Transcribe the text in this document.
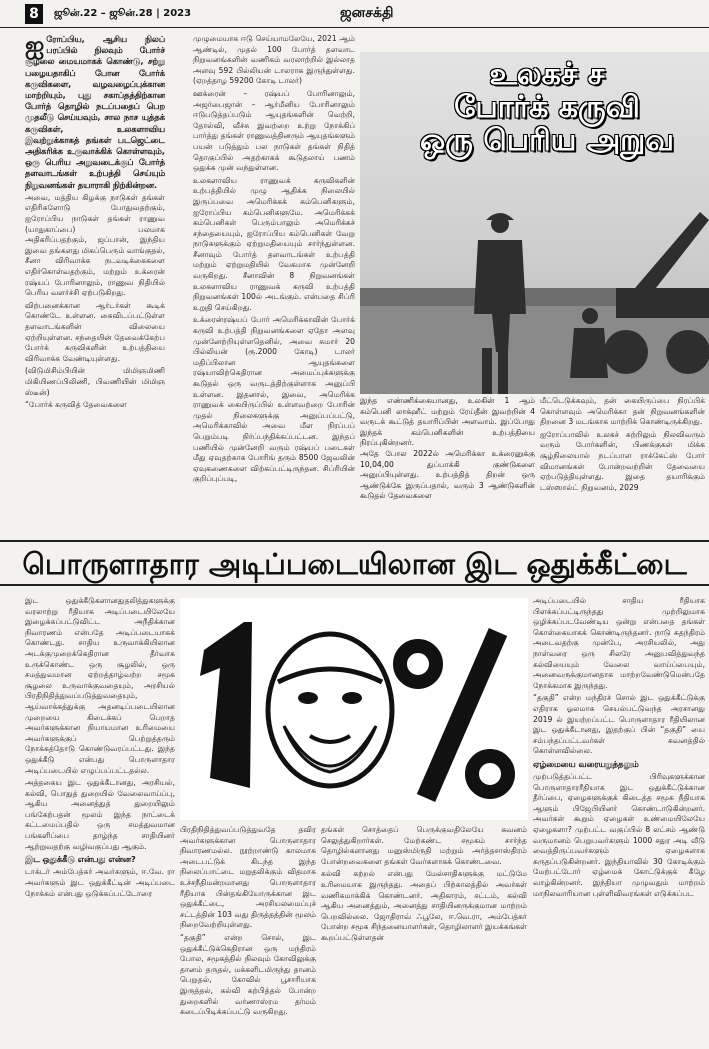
8	ஜூன்.22 – ஜூன்.28 | 2023	ஜனசக்தி

ஐரோப்பிய, ஆசிய நிலப் பரப்பில் நிலவும் போர்ச் சூழலை மையமாகக் கொண்டு, சற்று பழையதாகிப் போன போர்க் கருவிகளை, வழவழைப்புக்கான மாற்றியும், புது சகாப்தத்திற்கான போர்த் தொழில் நடப்பதைப் பெற முதலீடு செய்யவும், சால நாச யுத்தக் கருவிகள், உலகளாவிய இவற்றுக்காகத் தங்கள் படஜெட்டை அதிகரிக்க உருவாக்கிக் கொள்ளவும், ஒரு பெரிய அறுவடைக்குப் போர்த் தளவாடங்கள் உற்பத்தி செய்யும் நிறுவனங்கள் தயாராகி நிற்கின்றன.

அவை, மத்திய கிழக்கு நாடுகள் தங்கள் எதிரிகளோடு போதுவதற்கும், ஐரோப்பிய நாடுகள் தங்கள் ராணுவ (யாதுகாப்பை) பலமாக அதிகரிப்பதற்கும், ஜப்பான், இந்திய இவை தங்களது மிகப்பெரும் வாங்குதல், சீனா விரிவாக்க நடவடிக்கைகளை எதிர்கொள்வதற்கும், மற்றும் உக்ரைன் ரஷ்யப் போரினாலும், ராணுவ நிதியில் பெரிய வளர்ச்சி ஏற்படுகிறது.

விற்பனைக்கான ஆர்டர்கள் கூடிக் கொண்டே உள்ளன. கைவிடப்பட்டுள்ள தளவாடங்களின் விலையை ஏற்றியுள்ளன. சந்தையின் தேவைக்கேற்ப போர்க் கருவிகளின் உற்பத்தியை விரிவாக்க வேண்டியுள்ளது.

(விடுமிசிம்பியின் மிமிஞமிணி மிகியிணப்பிலிணி, பிவணியின் மிமிஞ ஸ்டீன்)

“போர்க் கருவித் தேவைகளை

முழுமையாக ஈடு செய்யாமலேயே, 2021 ஆம் ஆண்டில், முதல் 100 போர்த் தளவாட நிறுவனங்களின் வணிகம் வரலாற்றில் இல்லாத அளவு 592 பில்லியன் டாலராக இருந்துள்ளது. (ஏறத்தாழ 59200 கோடி டாலர்)

ஊக்ரைன் – ரஷ்யப் போரினாலும், அஜர்பைஜான் – ஆர்மீனிய போரினாலும் ஈடுபடுத்தப்படும் ஆயுதங்களின் வெற்றி, தோல்வி, வீச்சு இவற்றை உற்று நோக்கிப் பார்த்து தங்கள் ராணுவத்தினரும் ஆயுதங்களும் பயன் படுத்தும் பல நாடுகள் தங்கள் நிதித் தொகுப்பில் அதற்காகக் கூடுதலாய் பணம் ஒதுக்க முன் வந்துள்ளன.

உலகளாவிய ராணுவக் கருவிகளின் உற்பத்தியில் முழு ஆதிக்க நிலையில் இருப்பவை அமெரிக்கக் கம்பெனிகளும், ஐரோப்பிய கம்பெனிகளுமே. அமெரிக்கக் கம்பெனிகள் பெரும்பாலும் அமெரிக்கச் சந்தையையும், ஐரோப்பிய கம்பெனிகள் வேறு நாடுகளுக்கும் ஏற்றுமதியையும் சார்ந்துள்ளன. சீனாவும் போர்த் தளவாடங்கள் உற்பத்தி மற்றும் ஏற்றுமதியில் வேகமாக முன்னேறி வருகிறது. சீனாவின் 8 நிறுவனங்கள் உலகளாவிய ராணுவக் கருவி உற்பத்தி நிறுவனங்கள் 100ல் அடங்கும். என்பதை சிப்ரி உறுதி செய்கிறது.

உக்ரைன்ரஷ்யப் போர் அமெரிக்காவின் போர்க் கருவி உற்பத்தி நிறுவனங்களை ஏதோ அளவு முன்னேற்றியுள்ளதெனில், அவை சுமார் 20 பில்லியன் (ரூ.2000 கோடி) டாலர் மதிப்பிலான ஆயுதங்களை ரஷ்யாவிற்கெதிரான அமைப்புக்களுக்கு கூடுதல் ஒரு வருடத்திற்குள்ளாக அனுப்பி உள்ளன. இதனால், இவை, அமெரிக்க ராணுவக் கையிருப்பில் உள்ளவற்றை போரின் முதல் நிலைகளுக்கு அனுப்பப்பட்டு, அமெரிக்காவில் அவை மீள நிரப்பப் பெறும்படி நிர்ப்பந்திக்கப்பட்டன. இந்தப் பணியில் முன்னேறி வரும் ரஷ்யப் படைகள் மீது ஏவுதற்காக போரிங் தரும் 8500 ஜேவலின் ஏவுகணைகளை விற்கப்பட்டிருந்தன. சிப்ரியின் குறிப்புப்படி,

உலகச் ச
போர்க் கருவி
ஒரு பெரிய அறுவ

இந்த எண்ணிக்கையானது, உலகின் 1 ஆம் கம்பெனி லாக்ஹீட் மற்றும் ரேய்தீன் இவற்றின் 4 வருடக் கூட்டுத் தயாரிப்பின் அளவாம். இப்போது இந்தக் கம்பெனிகளின் உற்பத்தியை நிரப்புகின்றனர்.

அதே போல 2022ல் அமெரிக்கா உக்ரைனுக்கு 10,04,00 துப்பாக்கி குண்டுகளை அனுப்பியுள்ளது. உற்பத்தித் திறன் ஒரு ஆண்டுக்கே இருப்பதால், வரும் 3 ஆண்டுகளின் கூடுதல் தேவைகளை

மீட்டெடுக்கவும், தன் கையிருப்பை நிரப்பிக் கொள்ளவும் அமெரிக்கா தன் நிறுவனங்களின் திறனை 3 மடங்காக மாற்றிக் கொண்டிருக்கிறது.

ஐரோப்பாவில் உலகச் சுற்றிலும் நிலவிவரும் வரும் போர்களின், பிணக்குகள் மிக்க சூழ்நிலையால் நடப்பாள ராக்கேட்ஸ் போர் விமானங்கள் போன்றவற்றின் தேவையை ஏற்படுத்தியுள்ளது. இதை தயாரிக்கும் டஸ்ஸால்ட் நிறுவனம், 2029

பொருளாதார அடிப்படையிலான இட ஒதுக்கீட்டை

இட ஒதுக்கீடுகளானதுதலித்துகளுக்கு வரலாற்று ரீதியாக அடிப்படையிலேயே இழைக்கப்பட்டுவிட்ட அநீதிக்கான நிவாரணம் என்பதே அடிப்படையாகக் கொண்டது. சாதிய உருவாக்கியிலான அடக்குமுறைக்கெதிரான தீர்வாக உருக்கொண்ட ஒரு சூழலில், ஒரு சமத்துவமான ஏற்றத்தாழ்வற்ற சமூக சூழலை உருவாக்குவதையும், அரசியல் பிரதிநிதித்துவப்படுத்துவதையும், ஆய்வாக்கத்துக்கு அதனடிப்படையிலான முறையை கிடைக்கப் பெறாத அவர்களுக்கான நியாயமான உரிமையை அவர்களுக்குப் பெற்றுத்தரும் நோக்கத்தோடு கொண்டுவரப்பட்டது. இந்த ஒதுக்கீடு என்பது பொருளாதார அடிப்படையில் எழுப்பப்பட்டதல்ல.

அத்தகைய இட ஒதுக்கீடானது, அரசியல், கல்வி, பொதுத் துறையில் வேலைவாய்ப்பு, ஆகிய அனைத்துத் துறையிலும் பங்கேற்பதன் மூலம் இந்த நாட்டைக் கட்டமைப்பதில் ஒரு சமத்துவமான பங்களிப்பை தாழ்ந்த சாதியினர் ஆற்றுவதற்கு வழிவகுப்பது ஆகும்.

இட ஒதுக்கீடு என்பது என்ன?

டாக்டர் அம்பேத்கர் அவர்களும், ஈ.வே. ரா அவர்களும் இட ஒதுக்கீட்டின் அடிப்படை நோக்கம் என்பது ஒடுக்கப்பட்டோரை

பிரதிநிதித்துவப்படுத்துவதே தவிர அவர்களுக்கான பொருளாதார நிவாரணமல்ல. நூற்றாண்டு காலமாக அடைபட்டுக் கிடந்த இந்த நிலைப்பாட்டை மறுதலிக்கும் விதமாக உச்சநீதிமன்றமானது பொருளாதார ரீதியாக பின்தங்கியோருக்கான இட ஒதுக்கீட்டை, அரசியலமைப்புச் சட்டத்தின் 103 வது திருத்தத்தின் மூலம் நிறைவேற்றியுள்ளது.

“தகுதி” என்ற சொல், இட ஒதுக்கீட்டுக்கெதிரான ஒரு மந்திரம் போல, சமூகத்தில் நிலவும் கோவிலுக்கு தானம் தருதல், மக்களிடமிருந்து தானம் பெறுதல், கோவில் பூசாரியாக இருத்தல், கல்வி கற்பித்தல் போன்ற துறைகளில் வர்ணாஸ்ரம தர்மம் கடைப்பிடிக்கப்பட்டு வருகிறது.

தங்கள் சொத்தைப் பெருக்குவதிலேயே கவனம் செலுத்துகிறார்கள். மேற்கண்ட சமூகம் சார்ந்த தொழில்களானது மனுஸ்மிருதி மற்றும் அர்த்தசாஸ்திரம் போன்றவைகளை தங்கள் வேர்களாகக் கொண்டவை.

கல்வி கற்றல் என்பது மேல்சாதிகளுக்கு மட்டுமே உரிமையாக இருந்தது. அதைப் பிற்காலத்தில் அவர்கள் வணிகமாக்கிக் கொண்டனர். அதிகாரம், சட்டம், கல்வி ஆகிய அனைத்தும், அனைத்து சாதியினருக்குமான மாற்றம் பெறவில்லை. ஜோதிராவ் ஃபூலே, ஈ.வெ.ரா, அம்பேத்கர் போன்ற சமூக சிந்தனையாளர்கள், தொழிலாளர் இயக்கங்கள் கூறப்பட்டுள்ளதன்

அடிப்படையில் சாதிய ரீதியாக பிளக்கப்பட்டிருந்தது முற்றிலுமாக ஒழிக்கப்படவேண்டிய ஒன்று என்பதை தங்கள் கொள்கையாகக் கொண்டிருந்தனர். நாடு சுதந்திரம் அடைவதற்கு முன்பே, அரசியலில், அது நாள்வரை ஒரு சிலரே அனுபவித்துவந்த கல்வியையும் வேலை வாய்ப்பையும், அனைவருக்குமானதாக மாற்றவேண்டுமென்பதே நோக்கமாக இருந்தது.

“தகுதி” என்ற மந்திரச் சொல் இட ஒதுக்கீட்டுக்கு எதிராக ஓலமாக செயல்பட்டுவந்த அரசானது 2019 ல் இயற்றப்பட்ட பொருளாதார ரீதியிலான இட ஒதுக்கீடானது, இதற்குப் பின் “தகுதி” யை சம்பந்தப்பட்டவர்கள் கவனத்தில் கொள்ளவில்லை.

ஏழ்மையை வரையறுத்தலும்

முற்படுத்தப்பட்ட பிரிவுகளுக்கான பொருளாதாரரீதியாக இட ஒதுக்கீட்டுக்கான தீர்ப்பை, ஏழைகளுக்குக் கிடைத்த சமூக நீதியாக ஆளும் பிஜேபியினர் கொண்டாடுகின்றனர். அவர்கள் கூறும் ஏழைகள் உண்மையிலேயே ஏழைகளா? முற்பட்ட வகுப்பில் 8 லட்சம் ஆண்டு வருமானம் பெறுபவர்களும் 1000 சதுர அடி வீடு வைத்திருப்பவர்களும் ஏழைகளாக கருதப்படுகின்றனர். இந்தியாவில் 30 கோடிக்கும் மேற்பட்டோர் ஏழ்மைக் கோட்டுக்குக் கீழே வாழ்கின்றனர். இந்தியா முழுவதும் மாற்றம் மாநிலவாரியான புள்ளிவிவரங்கள் எடுக்கப்பட
